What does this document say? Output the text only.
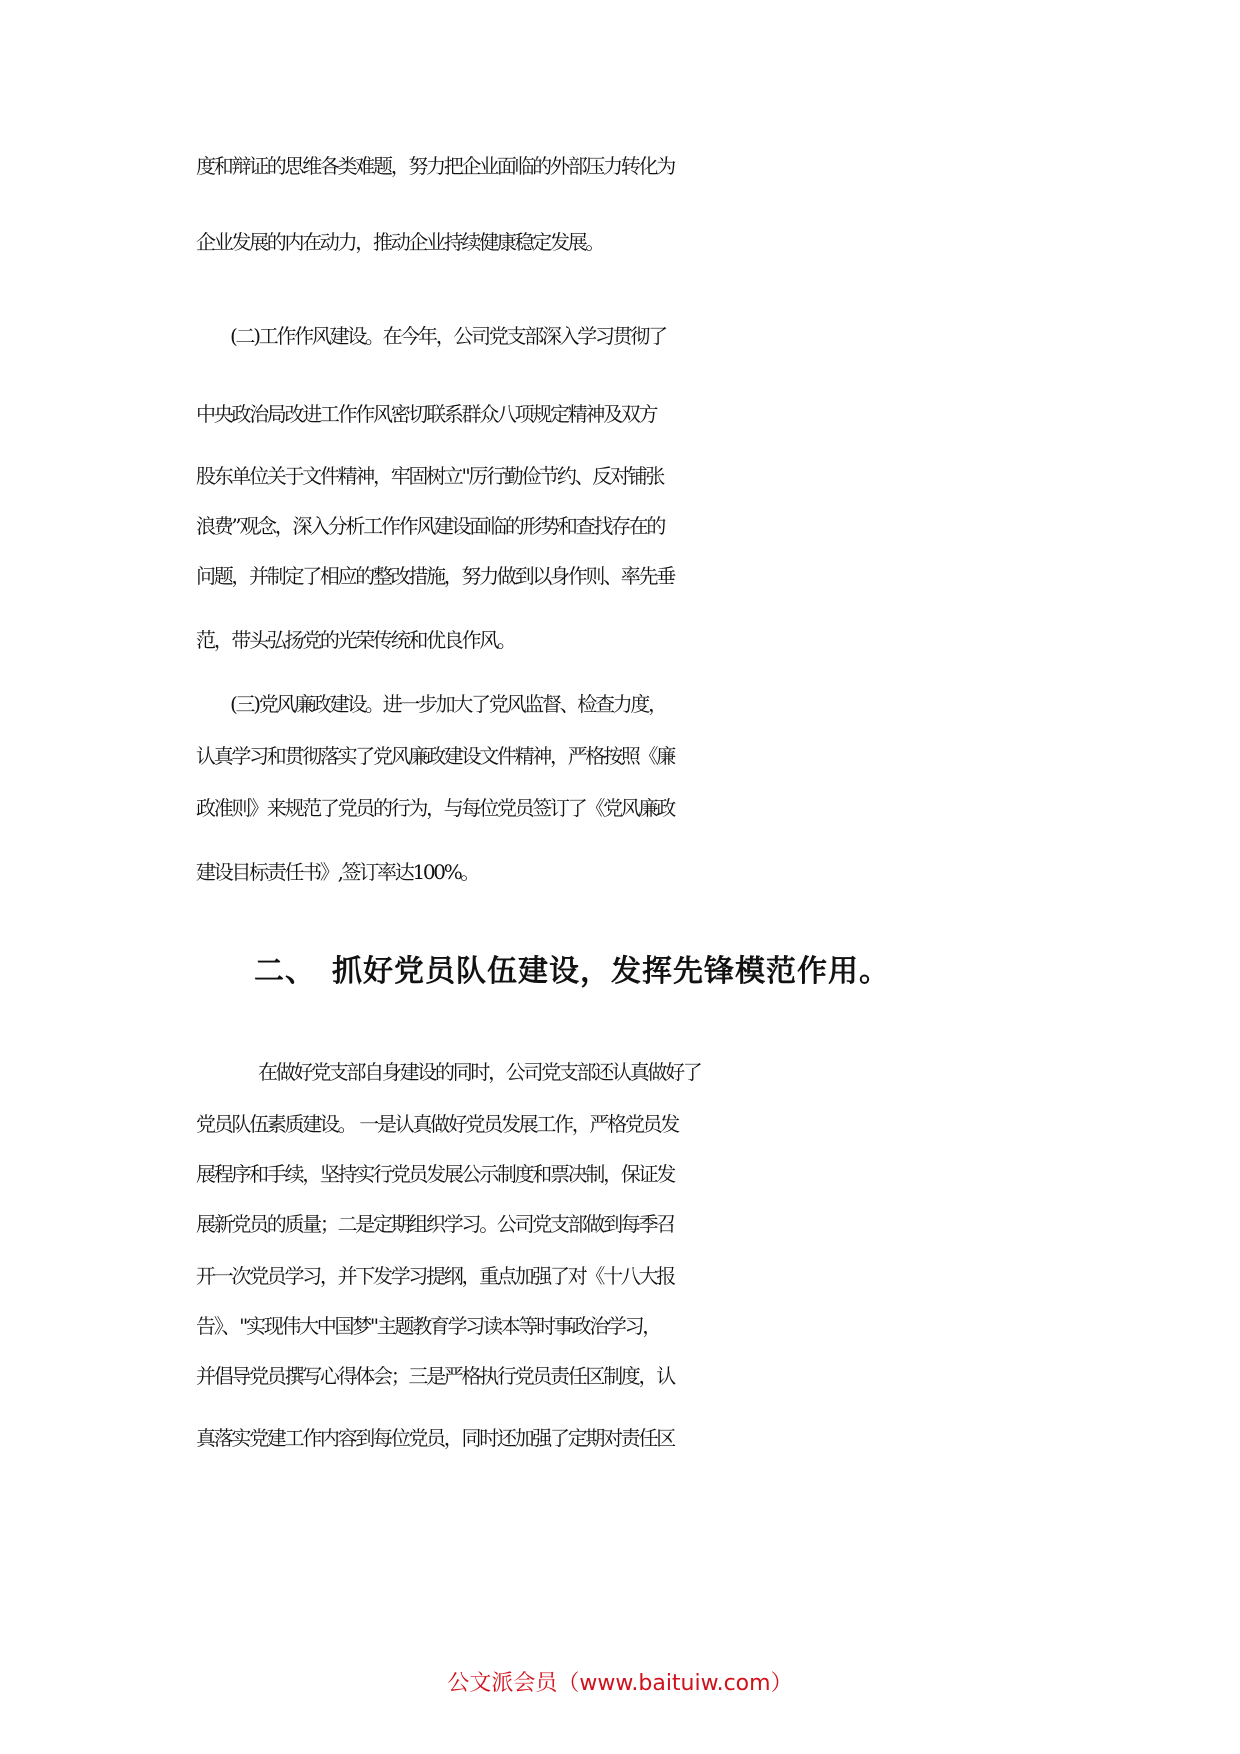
度和辩证的思维各类难题，努力把企业面临的外部压力转化为
企业发展的内在动力，推动企业持续健康稳定发展。
(二)工作作风建设。在今年，公司党支部深入学习贯彻了
中央政治局改进工作作风密切联系群众八项规定精神及双方
股东单位关于文件精神，牢固树立"厉行勤俭节约、反对铺张
浪费”观念，深入分析工作作风建设面临的形势和查找存在的
问题，并制定了相应的整改措施，努力做到以身作则、率先垂
范，带头弘扬党的光荣传统和优良作风。
(三)党风廉政建设。进一步加大了党风监督、检查力度，
认真学习和贯彻落实了党风廉政建设文件精神，严格按照《廉
政准则》来规范了党员的行为，与每位党员签订了《党风廉政
建设目标责任书》,签订率达100%。
二、 抓好党员队伍建设，发挥先锋模范作用。
在做好党支部自身建设的同时，公司党支部还认真做好了
党员队伍素质建设。 一是认真做好党员发展工作，严格党员发
展程序和手续，坚持实行党员发展公示制度和票决制，保证发
展新党员的质量；二是定期组织学习。公司党支部做到每季召
开一次党员学习，并下发学习提纲，重点加强了对《十八大报
告》、"实现伟大中国梦"主题教育学习读本等时事政治学习，
并倡导党员撰写心得体会；三是严格执行党员责任区制度，认
真落实党建工作内容到每位党员，同时还加强了定期对责任区
公文派会员（www.baituiw.com）
